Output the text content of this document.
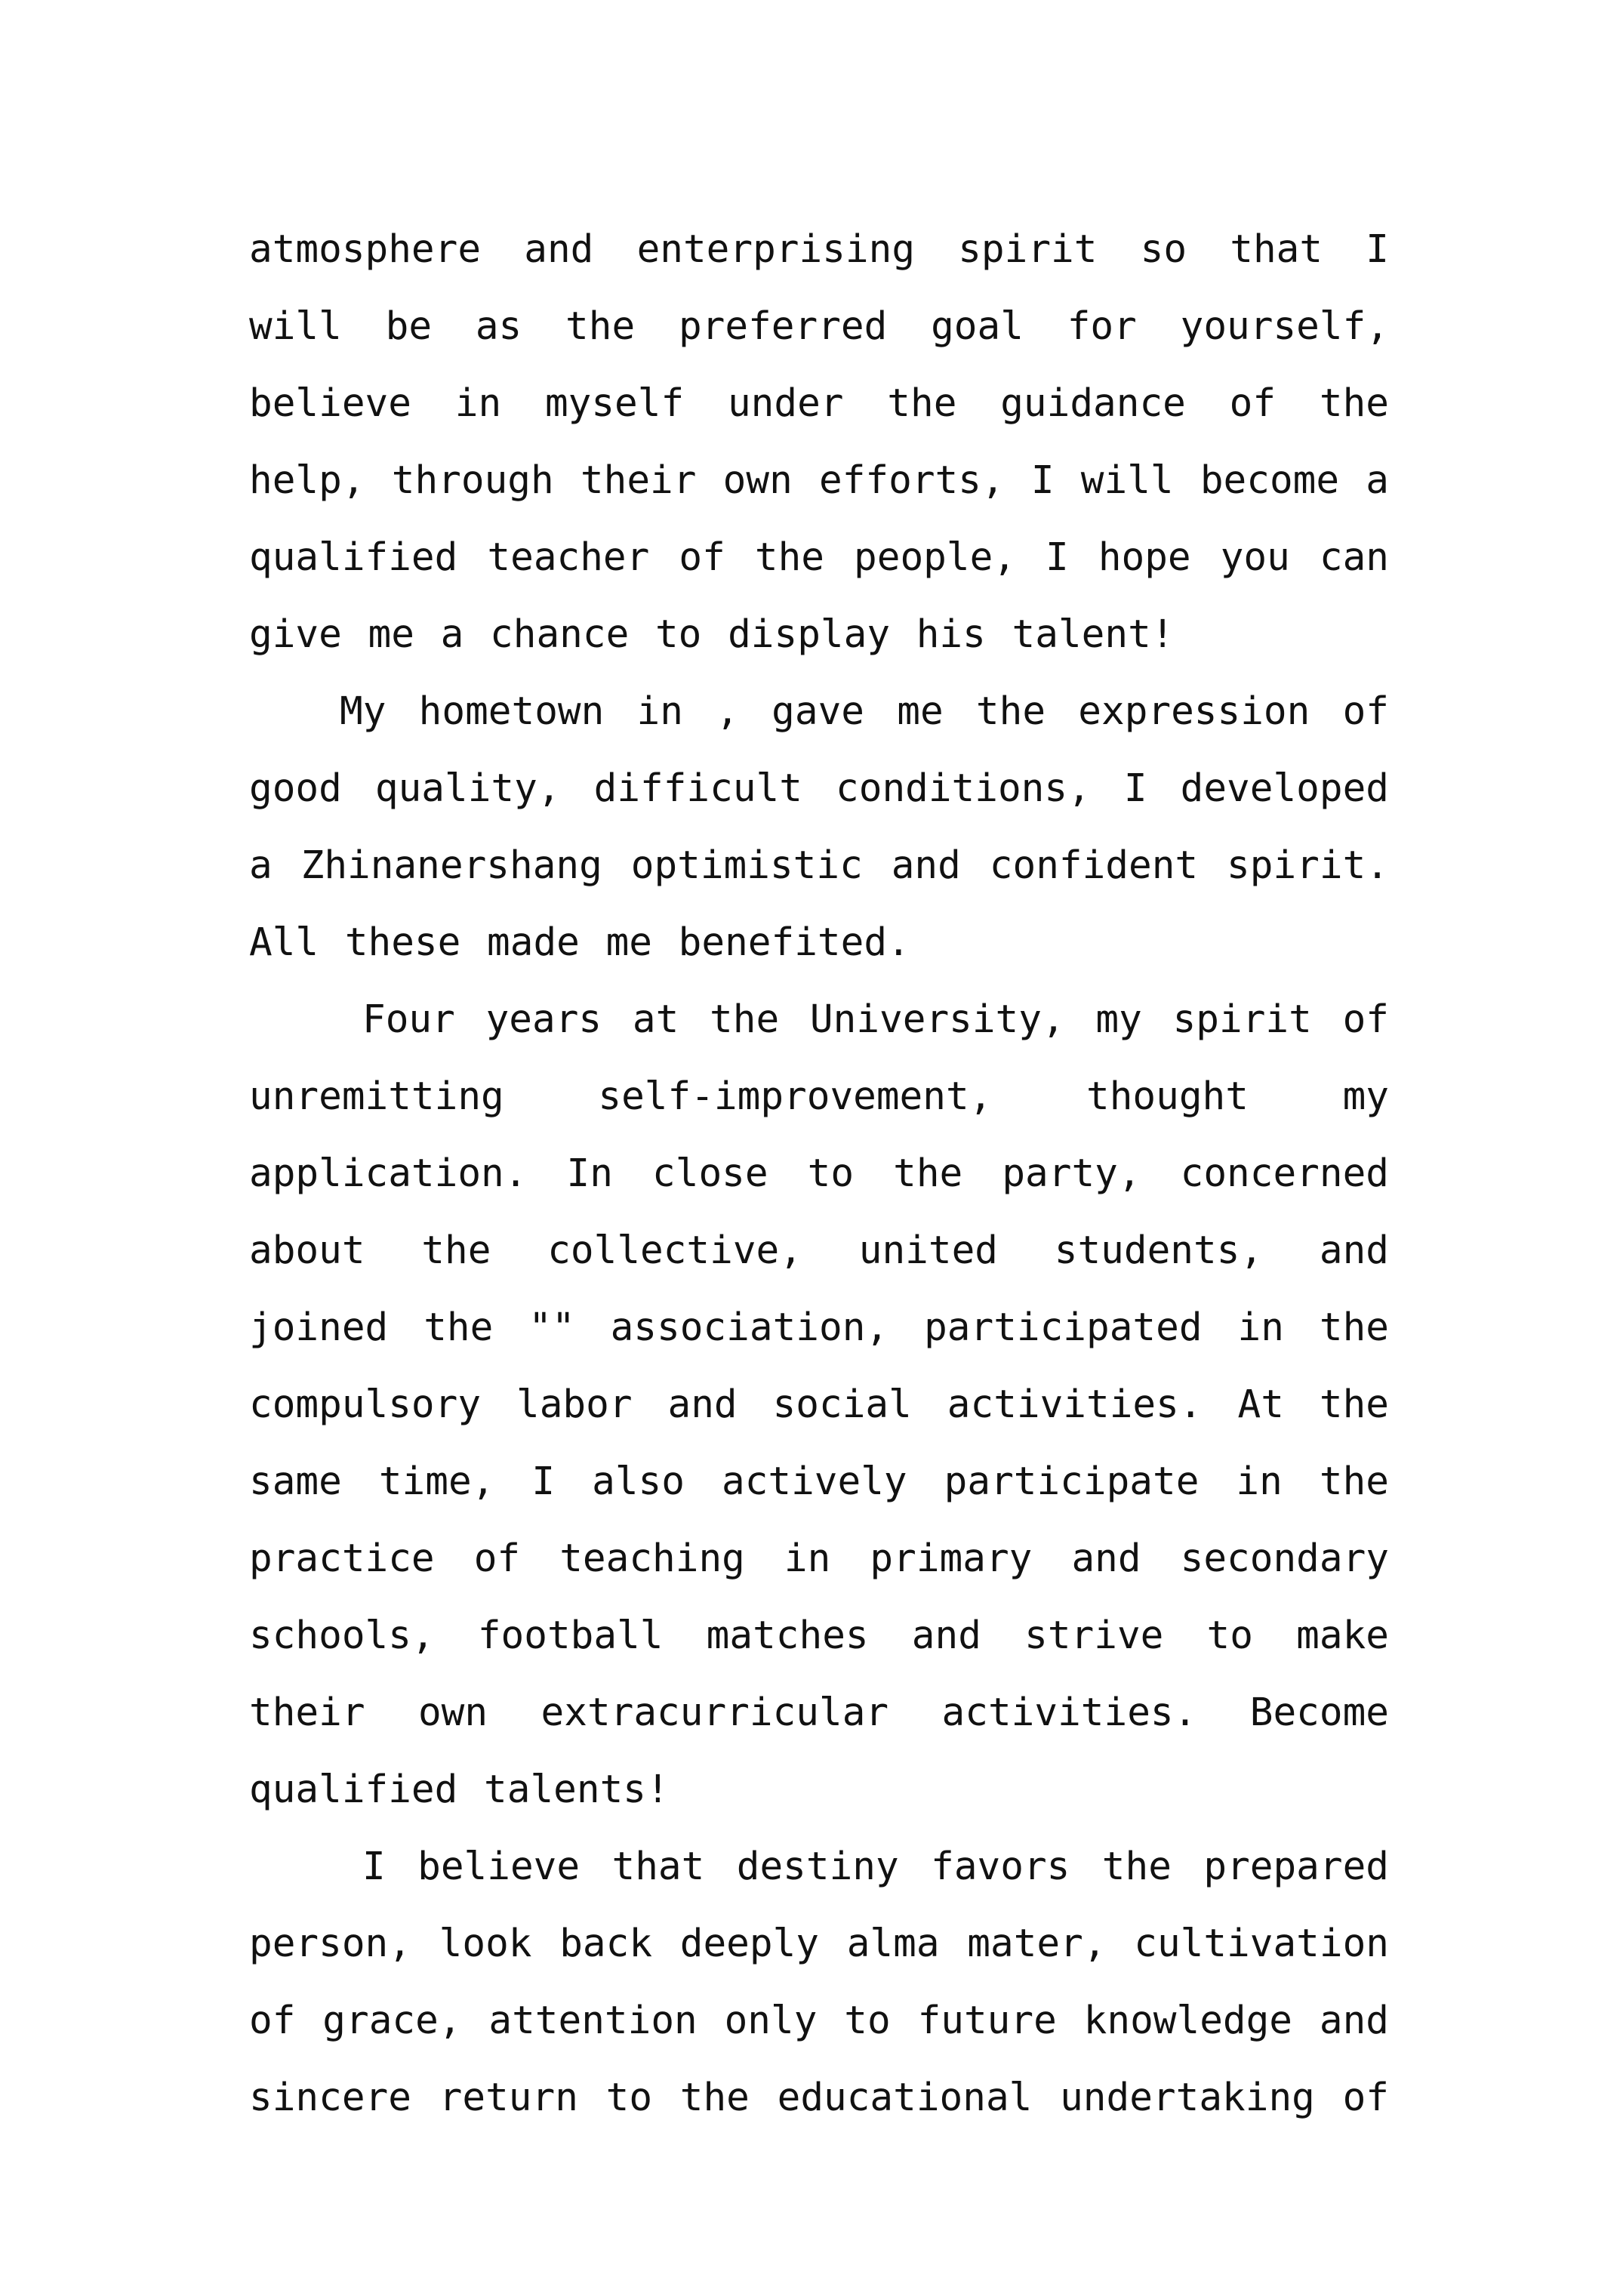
atmosphere and enterprising spirit so that I will be as the preferred goal for yourself, believe in myself under the guidance of the help, through their own efforts, I will become a qualified teacher of the people, I hope you can give me a chance to display his talent!

My hometown in , gave me the expression of good quality, difficult conditions, I developed a Zhinanershang optimistic and confident spirit. All these made me benefited.

Four years at the University, my spirit of unremitting self-improvement, thought my application. In close to the party, concerned about the collective, united students, and joined the "" association, participated in the compulsory labor and social activities. At the same time, I also actively participate in the practice of teaching in primary and secondary schools, football matches and strive to make their own extracurricular activities. Become qualified talents!

I believe that destiny favors the prepared person, look back deeply alma mater, cultivation of grace, attention only to future knowledge and sincere return to the educational undertaking of
